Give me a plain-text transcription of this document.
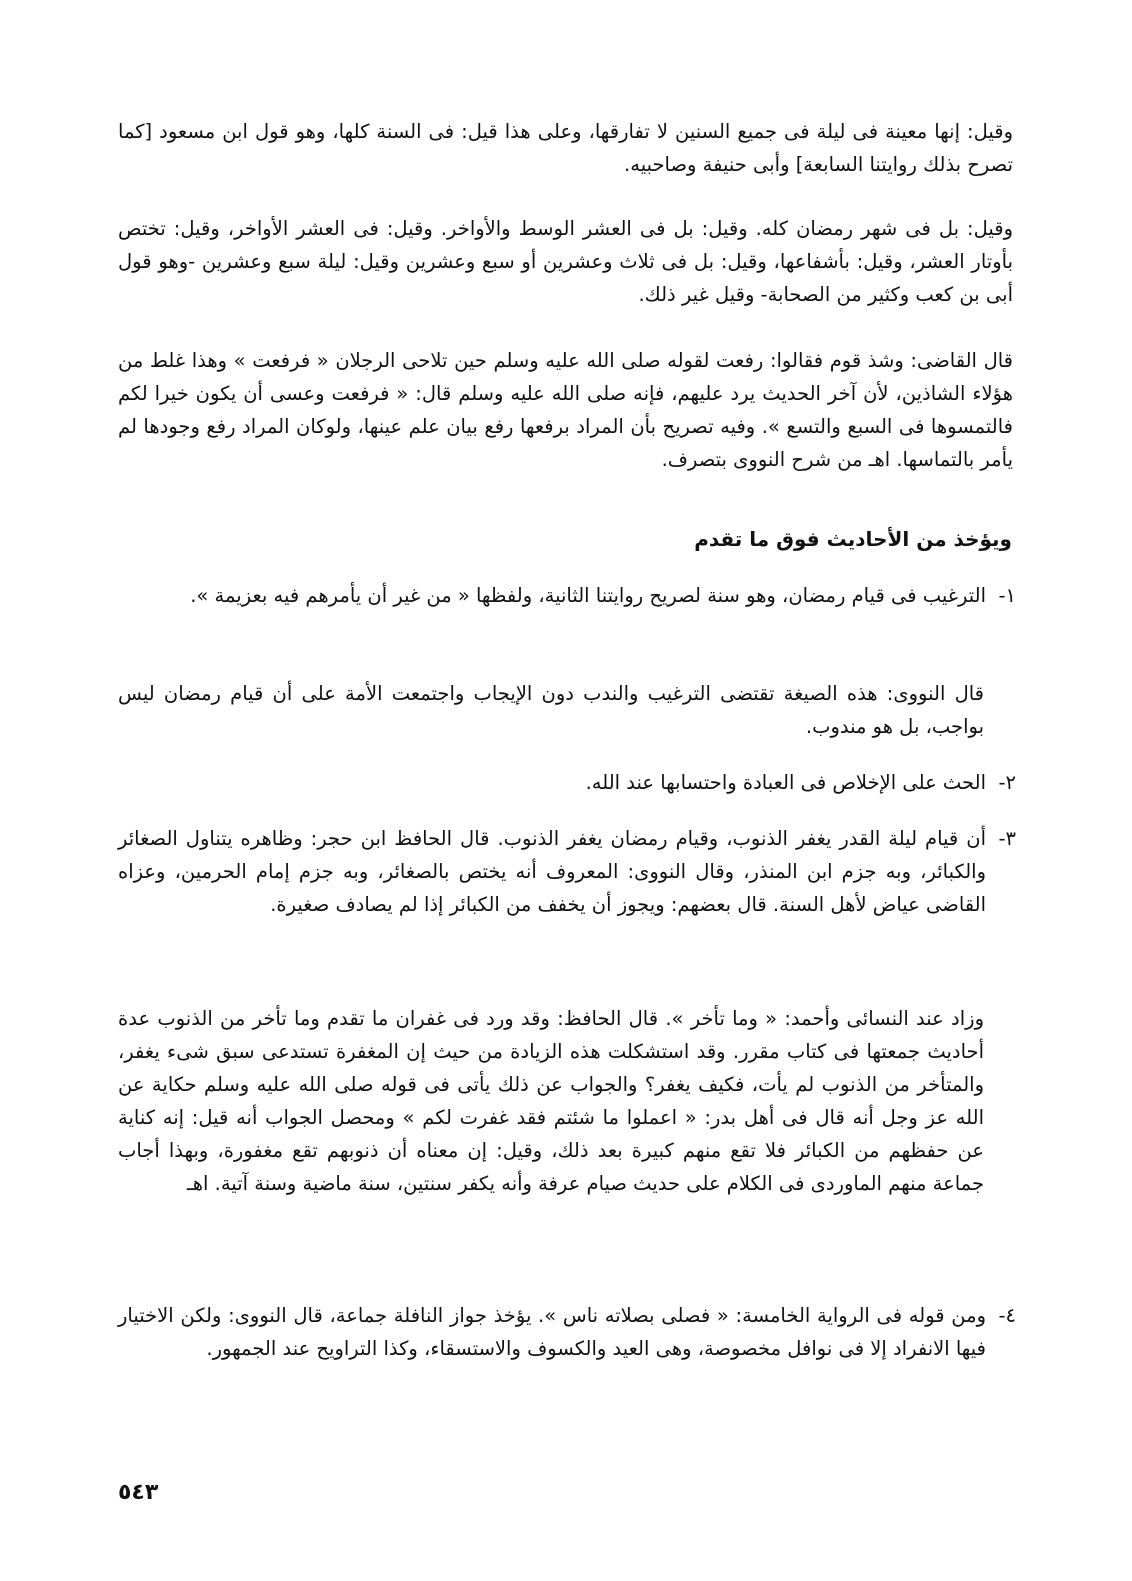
وقيل: إنها معينة فى ليلة فى جميع السنين لا تفارقها، وعلى هذا قيل: فى السنة كلها، وهو قول ابن مسعود [كما تصرح بذلك روايتنا السابعة] وأبى حنيفة وصاحبيه.

وقيل: بل فى شهر رمضان كله. وقيل: بل فى العشر الوسط والأواخر. وقيل: فى العشر الأواخر، وقيل: تختص بأوتار العشر، وقيل: بأشفاعها، وقيل: بل فى ثلاث وعشرين أو سبع وعشرين وقيل: ليلة سبع وعشرين -وهو قول أبى بن كعب وكثير من الصحابة- وقيل غير ذلك.

قال القاضى: وشذ قوم فقالوا: رفعت لقوله صلى الله عليه وسلم حين تلاحى الرجلان « فرفعت » وهذا غلط من هؤلاء الشاذين، لأن آخر الحديث يرد عليهم، فإنه صلى الله عليه وسلم قال: « فرفعت وعسى أن يكون خيرا لكم فالتمسوها فى السبع والتسع ». وفيه تصريح بأن المراد برفعها رفع بيان علم عينها، ولوكان المراد رفع وجودها لم يأمر بالتماسها. اهـ من شرح النووى بتصرف.

ويؤخذ من الأحاديث فوق ما تقدم
١-
الترغيب فى قيام رمضان، وهو سنة لصريح روايتنا الثانية، ولفظها « من غير أن يأمرهم فيه بعزيمة ».

قال النووى: هذه الصيغة تقتضى الترغيب والندب دون الإيجاب واجتمعت الأمة على أن قيام رمضان ليس بواجب، بل هو مندوب.

٢-
الحث على الإخلاص فى العبادة واحتسابها عند الله.
٣-
أن قيام ليلة القدر يغفر الذنوب، وقيام رمضان يغفر الذنوب. قال الحافظ ابن حجر: وظاهره يتناول الصغائر والكبائر، وبه جزم ابن المنذر، وقال النووى: المعروف أنه يختص بالصغائر، وبه جزم إمام الحرمين، وعزاه القاضى عياض لأهل السنة. قال بعضهم: ويجوز أن يخفف من الكبائر إذا لم يصادف صغيرة.

وزاد عند النسائى وأحمد: « وما تأخر ». قال الحافظ: وقد ورد فى غفران ما تقدم وما تأخر من الذنوب عدة أحاديث جمعتها فى كتاب مقرر. وقد استشكلت هذه الزيادة من حيث إن المغفرة تستدعى سبق شىء يغفر، والمتأخر من الذنوب لم يأت، فكيف يغفر؟ والجواب عن ذلك يأتى فى قوله صلى الله عليه وسلم حكاية عن الله عز وجل أنه قال فى أهل بدر: « اعملوا ما شئتم فقد غفرت لكم » ومحصل الجواب أنه قيل: إنه كناية عن حفظهم من الكبائر فلا تقع منهم كبيرة بعد ذلك، وقيل: إن معناه أن ذنوبهم تقع مغفورة، وبهذا أجاب جماعة منهم الماوردى فى الكلام على حديث صيام عرفة وأنه يكفر سنتين، سنة ماضية وسنة آتية. اهـ

٤-
ومن قوله فى الرواية الخامسة: « فصلى بصلاته ناس ». يؤخذ جواز النافلة جماعة، قال النووى: ولكن الاختيار فيها الانفراد إلا فى نوافل مخصوصة، وهى العيد والكسوف والاستسقاء، وكذا التراويح عند الجمهور.
٥٤٣
